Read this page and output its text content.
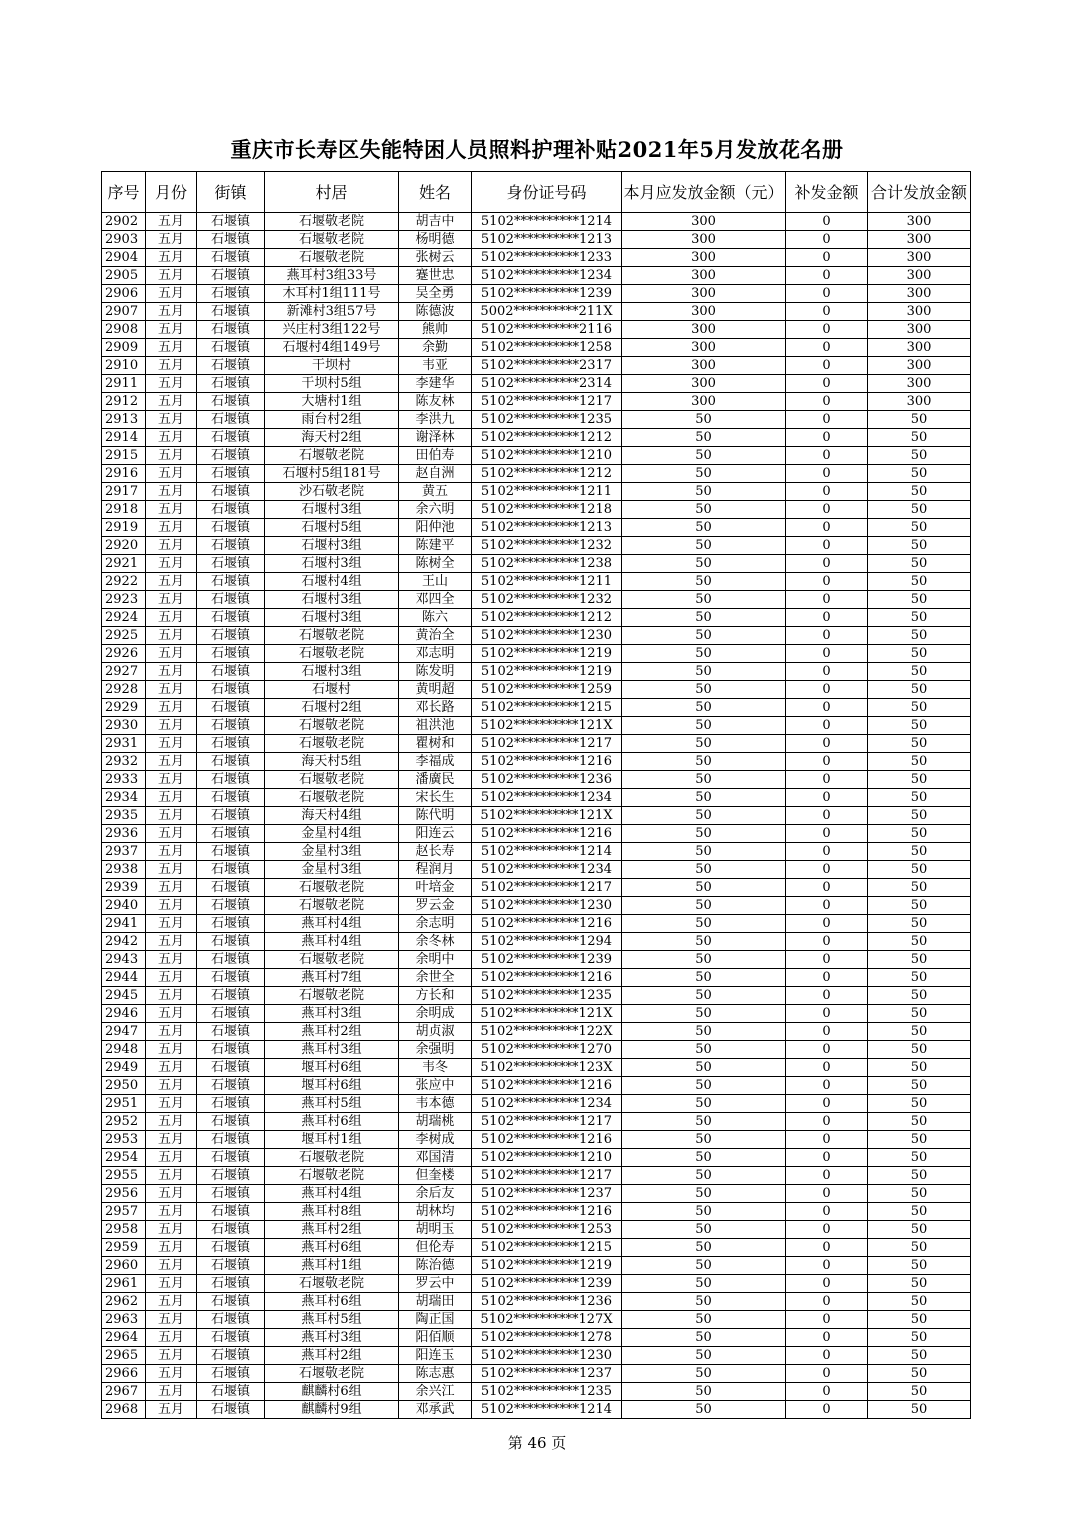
重庆市长寿区失能特困人员照料护理补贴2021年5月发放花名册
序号	月份	街镇	村居	姓名	身份证号码	本月应发放金额（元）	补发金额	合计发放金额
2902	五月	石堰镇	石堰敬老院	胡吉中	5102**********1214	300	0	300
2903	五月	石堰镇	石堰敬老院	杨明德	5102**********1213	300	0	300
2904	五月	石堰镇	石堰敬老院	张树云	5102**********1233	300	0	300
2905	五月	石堰镇	燕耳村3组33号	蹇世忠	5102**********1234	300	0	300
2906	五月	石堰镇	木耳村1组111号	吴全勇	5102**********1239	300	0	300
2907	五月	石堰镇	新滩村3组57号	陈德波	5002**********211X	300	0	300
2908	五月	石堰镇	兴庄村3组122号	熊帅	5102**********2116	300	0	300
2909	五月	石堰镇	石堰村4组149号	余勤	5102**********1258	300	0	300
2910	五月	石堰镇	干坝村	韦亚	5102**********2317	300	0	300
2911	五月	石堰镇	干坝村5组	李建华	5102**********2314	300	0	300
2912	五月	石堰镇	大塘村1组	陈友林	5102**********1217	300	0	300
2913	五月	石堰镇	雨台村2组	李洪九	5102**********1235	50	0	50
2914	五月	石堰镇	海天村2组	谢泽林	5102**********1212	50	0	50
2915	五月	石堰镇	石堰敬老院	田伯寿	5102**********1210	50	0	50
2916	五月	石堰镇	石堰村5组181号	赵自洲	5102**********1212	50	0	50
2917	五月	石堰镇	沙石敬老院	黄五	5102**********1211	50	0	50
2918	五月	石堰镇	石堰村3组	余六明	5102**********1218	50	0	50
2919	五月	石堰镇	石堰村5组	阳仲池	5102**********1213	50	0	50
2920	五月	石堰镇	石堰村3组	陈建平	5102**********1232	50	0	50
2921	五月	石堰镇	石堰村3组	陈树全	5102**********1238	50	0	50
2922	五月	石堰镇	石堰村4组	王山	5102**********1211	50	0	50
2923	五月	石堰镇	石堰村3组	邓四全	5102**********1232	50	0	50
2924	五月	石堰镇	石堰村3组	陈六	5102**********1212	50	0	50
2925	五月	石堰镇	石堰敬老院	黄治全	5102**********1230	50	0	50
2926	五月	石堰镇	石堰敬老院	邓志明	5102**********1219	50	0	50
2927	五月	石堰镇	石堰村3组	陈发明	5102**********1219	50	0	50
2928	五月	石堰镇	石堰村	黄明超	5102**********1259	50	0	50
2929	五月	石堰镇	石堰村2组	邓长路	5102**********1215	50	0	50
2930	五月	石堰镇	石堰敬老院	祖洪池	5102**********121X	50	0	50
2931	五月	石堰镇	石堰敬老院	瞿树和	5102**********1217	50	0	50
2932	五月	石堰镇	海天村5组	李福成	5102**********1216	50	0	50
2933	五月	石堰镇	石堰敬老院	潘廣民	5102**********1236	50	0	50
2934	五月	石堰镇	石堰敬老院	宋长生	5102**********1234	50	0	50
2935	五月	石堰镇	海天村4组	陈代明	5102**********121X	50	0	50
2936	五月	石堰镇	金星村4组	阳连云	5102**********1216	50	0	50
2937	五月	石堰镇	金星村3组	赵长寿	5102**********1214	50	0	50
2938	五月	石堰镇	金星村3组	程润月	5102**********1234	50	0	50
2939	五月	石堰镇	石堰敬老院	叶培金	5102**********1217	50	0	50
2940	五月	石堰镇	石堰敬老院	罗云金	5102**********1230	50	0	50
2941	五月	石堰镇	燕耳村4组	余志明	5102**********1216	50	0	50
2942	五月	石堰镇	燕耳村4组	余冬林	5102**********1294	50	0	50
2943	五月	石堰镇	石堰敬老院	余明中	5102**********1239	50	0	50
2944	五月	石堰镇	燕耳村7组	余世全	5102**********1216	50	0	50
2945	五月	石堰镇	石堰敬老院	方长和	5102**********1235	50	0	50
2946	五月	石堰镇	燕耳村3组	余明成	5102**********121X	50	0	50
2947	五月	石堰镇	燕耳村2组	胡贞淑	5102**********122X	50	0	50
2948	五月	石堰镇	燕耳村3组	余强明	5102**********1270	50	0	50
2949	五月	石堰镇	堰耳村6组	韦冬	5102**********123X	50	0	50
2950	五月	石堰镇	堰耳村6组	张应中	5102**********1216	50	0	50
2951	五月	石堰镇	燕耳村5组	韦本德	5102**********1234	50	0	50
2952	五月	石堰镇	燕耳村6组	胡瑞桃	5102**********1217	50	0	50
2953	五月	石堰镇	堰耳村1组	李树成	5102**********1216	50	0	50
2954	五月	石堰镇	石堰敬老院	邓国清	5102**********1210	50	0	50
2955	五月	石堰镇	石堰敬老院	但奎楼	5102**********1217	50	0	50
2956	五月	石堰镇	燕耳村4组	余后友	5102**********1237	50	0	50
2957	五月	石堰镇	燕耳村8组	胡林均	5102**********1216	50	0	50
2958	五月	石堰镇	燕耳村2组	胡明玉	5102**********1253	50	0	50
2959	五月	石堰镇	燕耳村6组	但伦寿	5102**********1215	50	0	50
2960	五月	石堰镇	燕耳村1组	陈治德	5102**********1219	50	0	50
2961	五月	石堰镇	石堰敬老院	罗云中	5102**********1239	50	0	50
2962	五月	石堰镇	燕耳村6组	胡瑞田	5102**********1236	50	0	50
2963	五月	石堰镇	燕耳村5组	陶正国	5102**********127X	50	0	50
2964	五月	石堰镇	燕耳村3组	阳佰顺	5102**********1278	50	0	50
2965	五月	石堰镇	燕耳村2组	阳连玉	5102**********1230	50	0	50
2966	五月	石堰镇	石堰敬老院	陈志惠	5102**********1237	50	0	50
2967	五月	石堰镇	麒麟村6组	余兴江	5102**********1235	50	0	50
2968	五月	石堰镇	麒麟村9组	邓承武	5102**********1214	50	0	50
第 46 页
